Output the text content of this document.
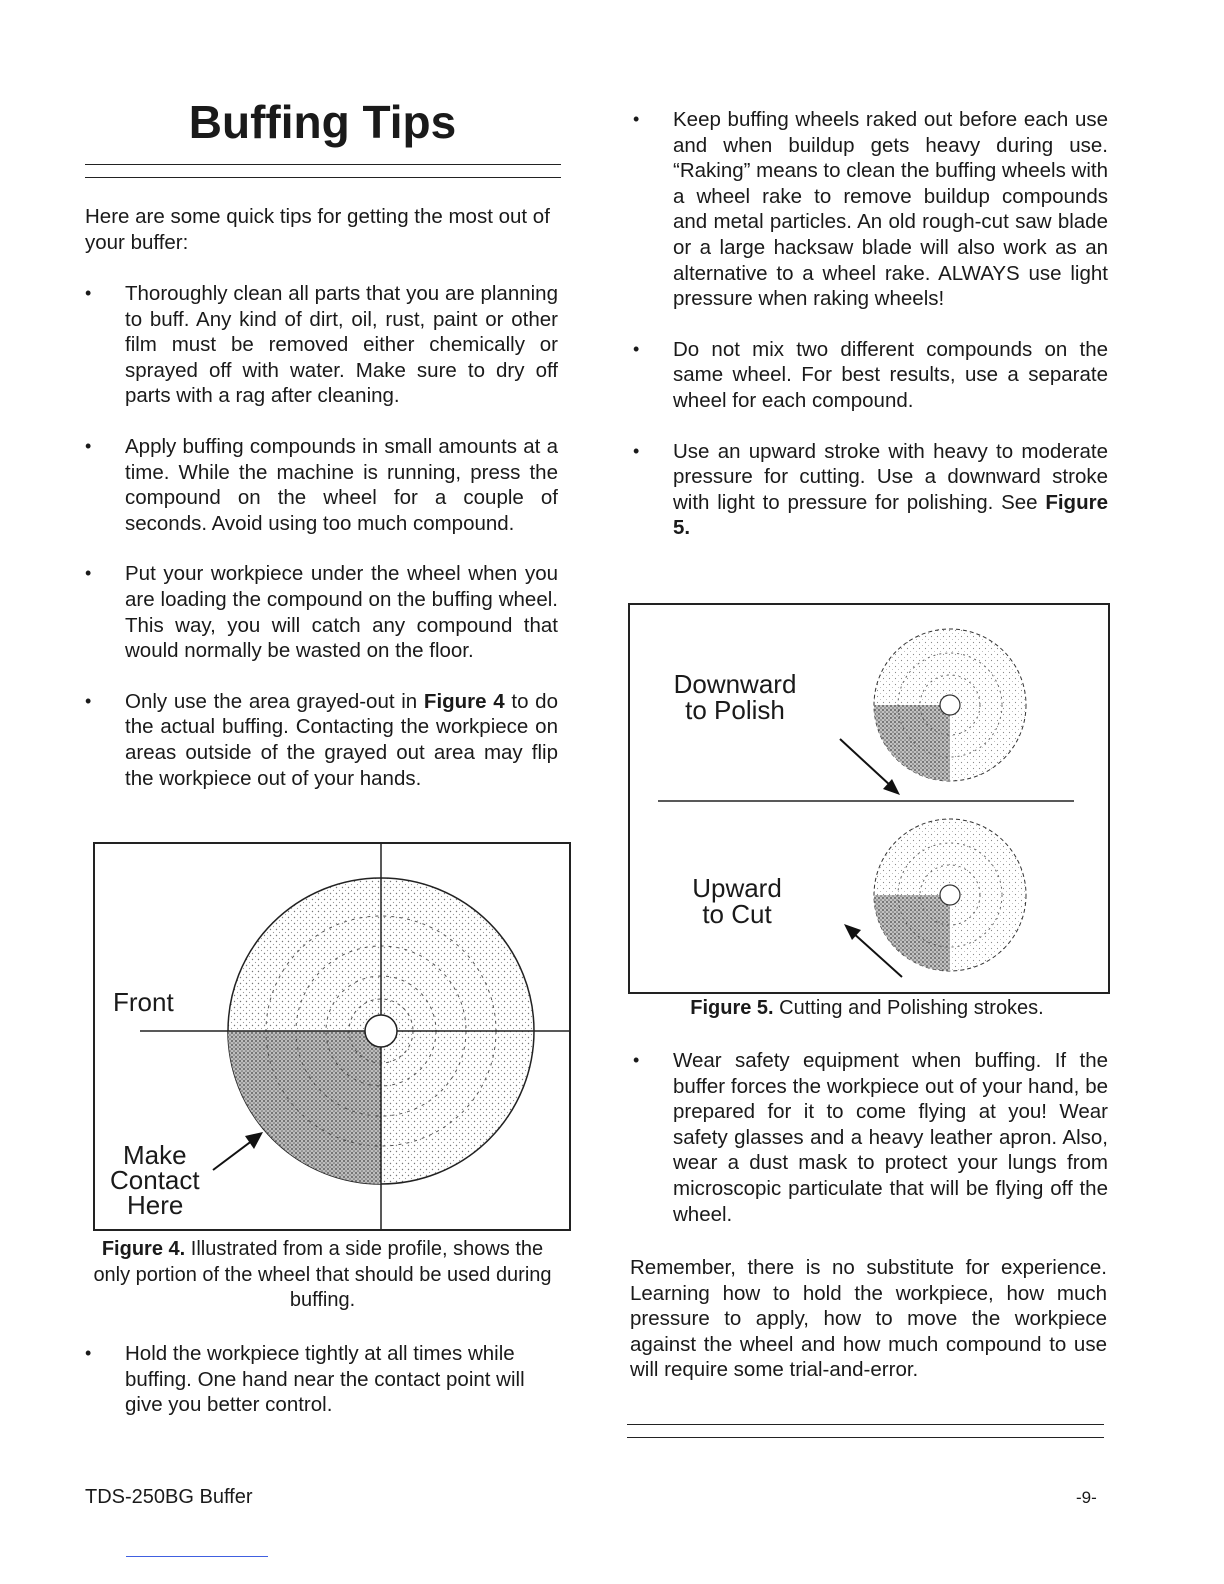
Buffing Tips

Here are some quick tips for getting the most out of your buffer:

• Thoroughly clean all parts that you are planning to buff. Any kind of dirt, oil, rust, paint or other film must be removed either chemically or sprayed off with water. Make sure to dry off parts with a rag after cleaning.
• Apply buffing compounds in small amounts at a time. While the machine is running, press the compound on the wheel for a couple of seconds. Avoid using too much compound.
• Put your workpiece under the wheel when you are loading the compound on the buffing wheel. This way, you will catch any compound that would normally be wasted on the floor.
• Only use the area grayed-out in Figure 4 to do the actual buffing. Contacting the workpiece on areas outside of the grayed out area may flip the workpiece out of your hands.
Front
Make
Contact
Here
Figure 4. Illustrated from a side profile, shows the only portion of the wheel that should be used during buffing.
• Hold the workpiece tightly at all times while buffing. One hand near the contact point will give you better control.
• Keep buffing wheels raked out before each use and when buildup gets heavy during use. “Raking” means to clean the buffing wheels with a wheel rake to remove buildup compounds and metal particles. An old rough-cut saw blade or a large hacksaw blade will also work as an alternative to a wheel rake. ALWAYS use light pressure when raking wheels!
• Do not mix two different compounds on the same wheel. For best results, use a separate wheel for each compound.
• Use an upward stroke with heavy to moderate pressure for cutting. Use a downward stroke with light to pressure for polishing. See Figure 5.
Downward
to Polish
Upward
to Cut
Figure 5. Cutting and Polishing strokes.
• Wear safety equipment when buffing. If the buffer forces the workpiece out of your hand, be prepared for it to come flying at you! Wear safety glasses and a heavy leather apron. Also, wear a dust mask to protect your lungs from microscopic particulate that will be flying off the wheel.

Remember, there is no substitute for experience. Learning how to hold the workpiece, how much pressure to apply, how to move the workpiece against the wheel and how much compound to use will require some trial-and-error.

TDS-250BG Buffer	-9-
